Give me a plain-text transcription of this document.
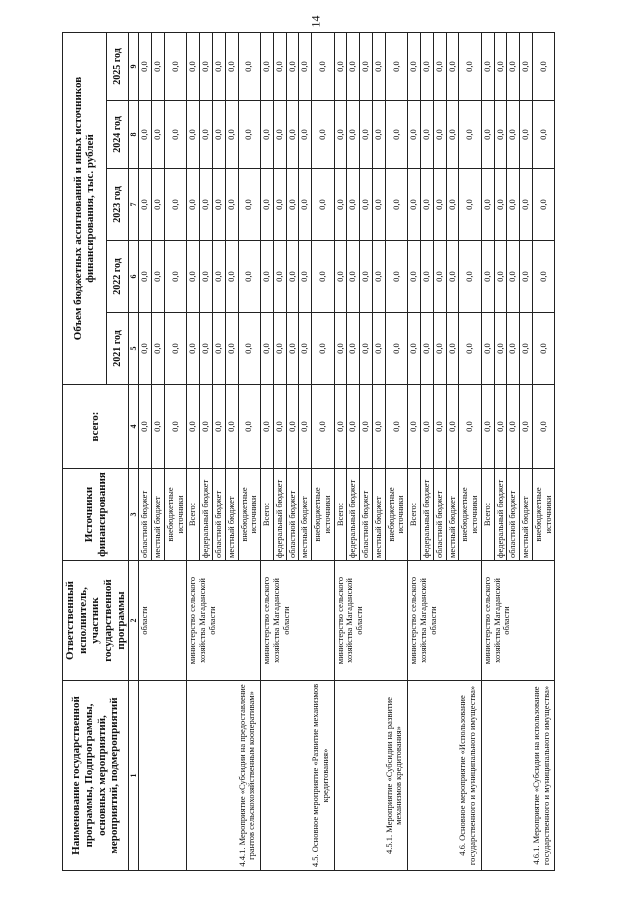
14
Наименование государственной программы, Подпрограммы, основных мероприятий, мероприятий, подмероприятий	Ответственный исполнитель, участник государственной программы	Источники финансирования	всего:	Объем бюджетных ассигнований и иных источников финансирования, тыс. рублей				
				2021 год	2022 год	2023 год	2024 год	2025 год
1	2	3	4	5	6	7	8	9
	области	областной бюджет	0,0	0,0	0,0	0,0	0,0	0,0
		местный бюджет	0,0	0,0	0,0	0,0	0,0	0,0
		внебюджетные источники	0,0	0,0	0,0	0,0	0,0	0,0
4.4.1. Мероприятие «Субсидии на предоставление грантов сельскохозяйственным кооперативам»	министерство сельского хозяйства Магаданской области	Всего:	0,0	0,0	0,0	0,0	0,0	0,0
		федеральный бюджет	0,0	0,0	0,0	0,0	0,0	0,0
		областной бюджет	0,0	0,0	0,0	0,0	0,0	0,0
		местный бюджет	0,0	0,0	0,0	0,0	0,0	0,0
		внебюджетные источники	0,0	0,0	0,0	0,0	0,0	0,0
4.5. Основное мероприятие «Развитие механизмов кредитования»	министерство сельского хозяйства Магаданской области	Всего:	0,0	0,0	0,0	0,0	0,0	0,0
		федеральный бюджет	0,0	0,0	0,0	0,0	0,0	0,0
		областной бюджет	0,0	0,0	0,0	0,0	0,0	0,0
		местный бюджет	0,0	0,0	0,0	0,0	0,0	0,0
		внебюджетные источники	0,0	0,0	0,0	0,0	0,0	0,0
4.5.1. Мероприятие «Субсидии на развитие механизмов кредитования»	министерство сельского хозяйства Магаданской области	Всего:	0,0	0,0	0,0	0,0	0,0	0,0
		федеральный бюджет	0,0	0,0	0,0	0,0	0,0	0,0
		областной бюджет	0,0	0,0	0,0	0,0	0,0	0,0
		местный бюджет	0,0	0,0	0,0	0,0	0,0	0,0
		внебюджетные источники	0,0	0,0	0,0	0,0	0,0	0,0
4.6. Основное мероприятие «Использование государственного и муниципального имущества»	министерство сельского хозяйства Магаданской области	Всего:	0,0	0,0	0,0	0,0	0,0	0,0
		федеральный бюджет	0,0	0,0	0,0	0,0	0,0	0,0
		областной бюджет	0,0	0,0	0,0	0,0	0,0	0,0
		местный бюджет	0,0	0,0	0,0	0,0	0,0	0,0
		внебюджетные источники	0,0	0,0	0,0	0,0	0,0	0,0
4.6.1. Мероприятие «Субсидии на использование государственного и муниципального имущества»	министерство сельского хозяйства Магаданской области	Всего:	0,0	0,0	0,0	0,0	0,0	0,0
		федеральный бюджет	0,0	0,0	0,0	0,0	0,0	0,0
		областной бюджет	0,0	0,0	0,0	0,0	0,0	0,0
		местный бюджет	0,0	0,0	0,0	0,0	0,0	0,0
		внебюджетные источники	0,0	0,0	0,0	0,0	0,0	0,0
